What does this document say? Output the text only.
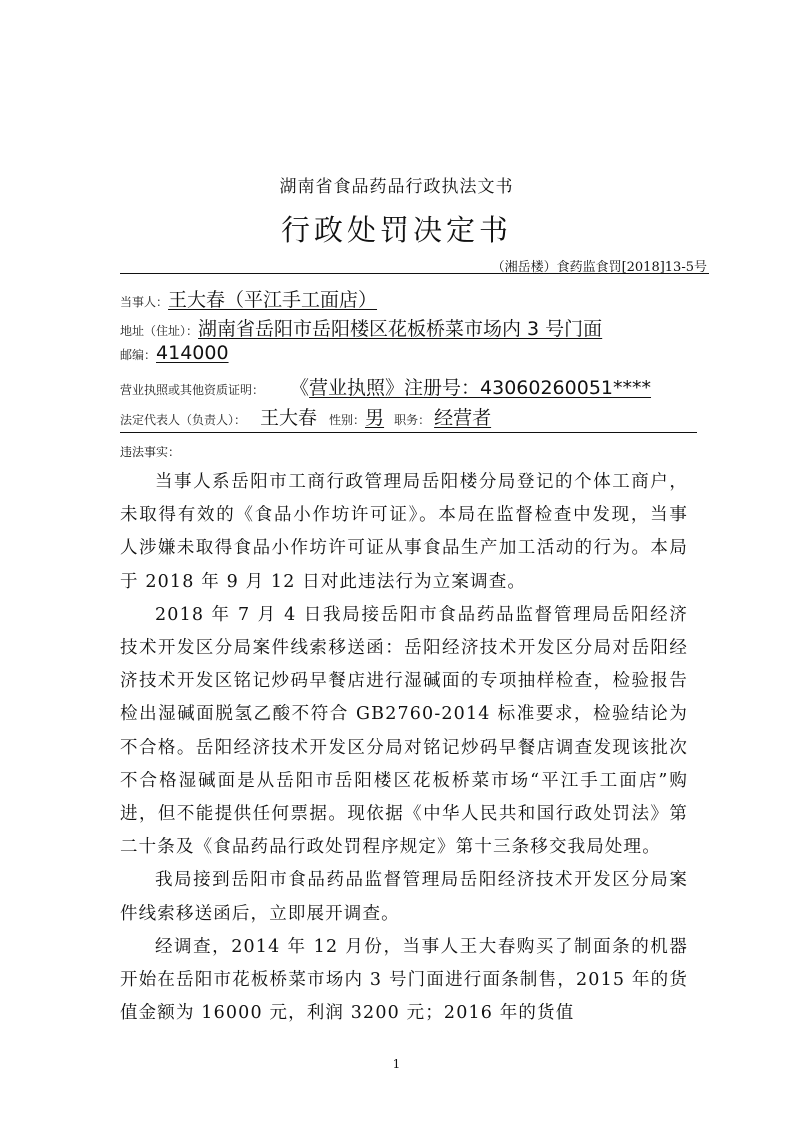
湖南省食品药品行政执法文书
行政处罚决定书
（湘岳楼）食药监食罚[2018]13-5号
当事人： 王大春（平江手工面店）
地址（住址）： 湖南省岳阳市岳阳楼区花板桥菜市场内 3 号门面
邮编： 414000
营业执照或其他资质证明： 《 营业执照》注册号：43060260051****
法定代表人（负责人）： 王大春 性别： 男 职务： 经营者
违法事实：

当事人系岳阳市工商行政管理局岳阳楼分局登记的个体工商户，未取得有效的《食品小作坊许可证》。本局在监督检查中发现，当事人涉嫌未取得食品小作坊许可证从事食品生产加工活动的行为。本局于 2018 年 9 月 12 日对此违法行为立案调查。

2018 年 7 月 4 日我局接岳阳市食品药品监督管理局岳阳经济技术开发区分局案件线索移送函：岳阳经济技术开发区分局对岳阳经济技术开发区铭记炒码早餐店进行湿碱面的专项抽样检查，检验报告检出湿碱面脱氢乙酸不符合 GB2760-2014 标准要求，检验结论为不合格。岳阳经济技术开发区分局对铭记炒码早餐店调查发现该批次不合格湿碱面是从岳阳市岳阳楼区花板桥菜市场“平江手工面店”购进，但不能提供任何票据。现依据《中华人民共和国行政处罚法》第二十条及《食品药品行政处罚程序规定》第十三条移交我局处理。

我局接到岳阳市食品药品监督管理局岳阳经济技术开发区分局案件线索移送函后，立即展开调查。

经调查，2014 年 12 月份，当事人王大春购买了制面条的机器开始在岳阳市花板桥菜市场内 3 号门面进行面条制售，2015 年的货值金额为 16000 元，利润 3200 元；2016 年的货值

1
